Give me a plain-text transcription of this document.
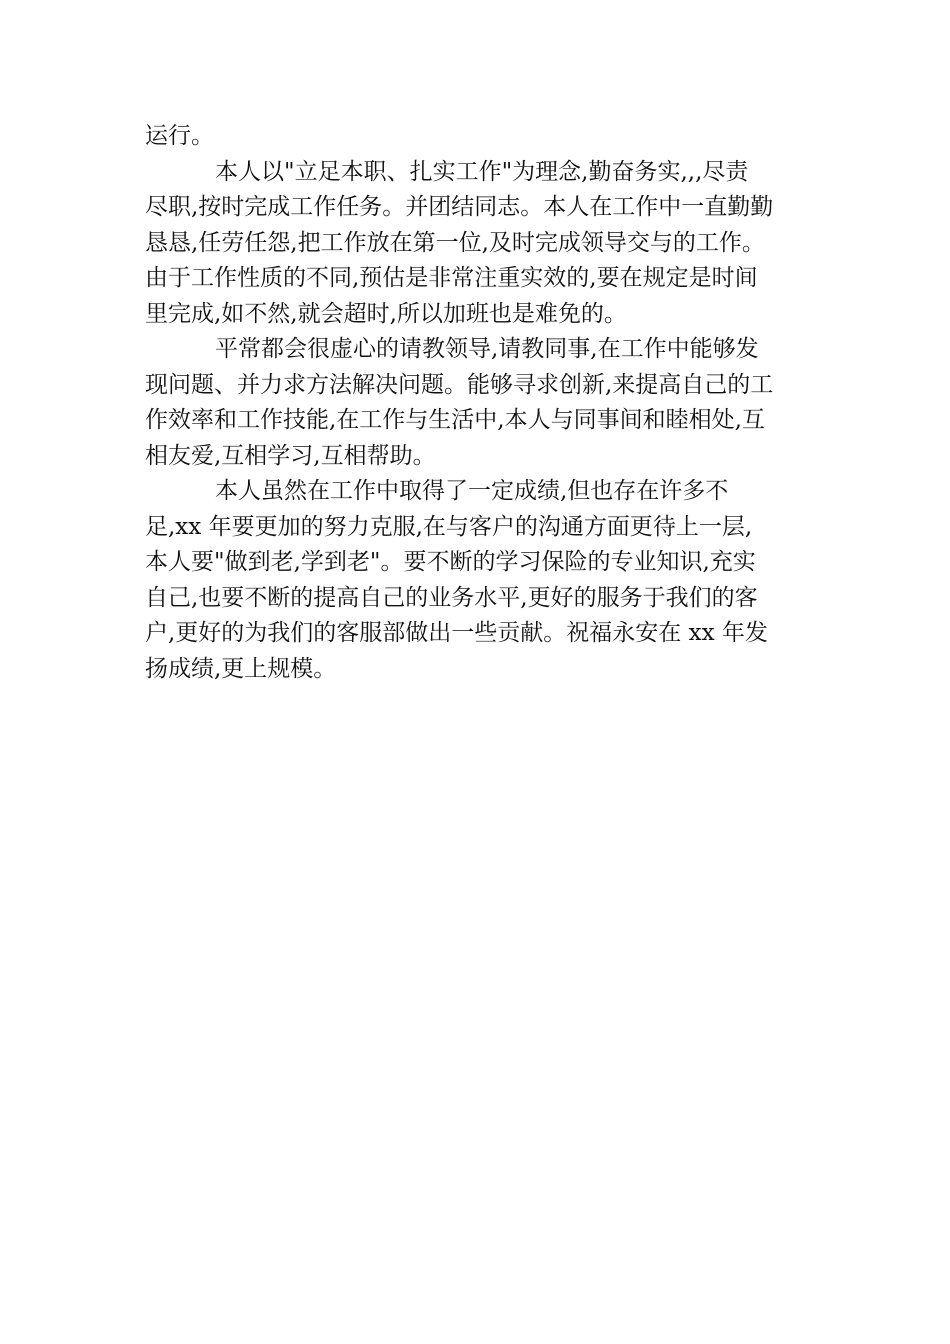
运行。
本人以"立足本职、扎实工作"为理念,勤奋务实,,,尽责
尽职,按时完成工作任务。并团结同志。本人在工作中一直勤勤
恳恳,任劳任怨,把工作放在第一位,及时完成领导交与的工作。
由于工作性质的不同,预估是非常注重实效的,要在规定是时间
里完成,如不然,就会超时,所以加班也是难免的。
平常都会很虚心的请教领导,请教同事,在工作中能够发
现问题、并力求方法解决问题。能够寻求创新,来提高自己的工
作效率和工作技能,在工作与生活中,本人与同事间和睦相处,互
相友爱,互相学习,互相帮助。
本人虽然在工作中取得了一定成绩,但也存在许多不
足,xx 年要更加的努力克服,在与客户的沟通方面更待上一层,
本人要"做到老,学到老"。要不断的学习保险的专业知识,充实
自己,也要不断的提高自己的业务水平,更好的服务于我们的客
户,更好的为我们的客服部做出一些贡献。祝福永安在 xx 年发
扬成绩,更上规模。
